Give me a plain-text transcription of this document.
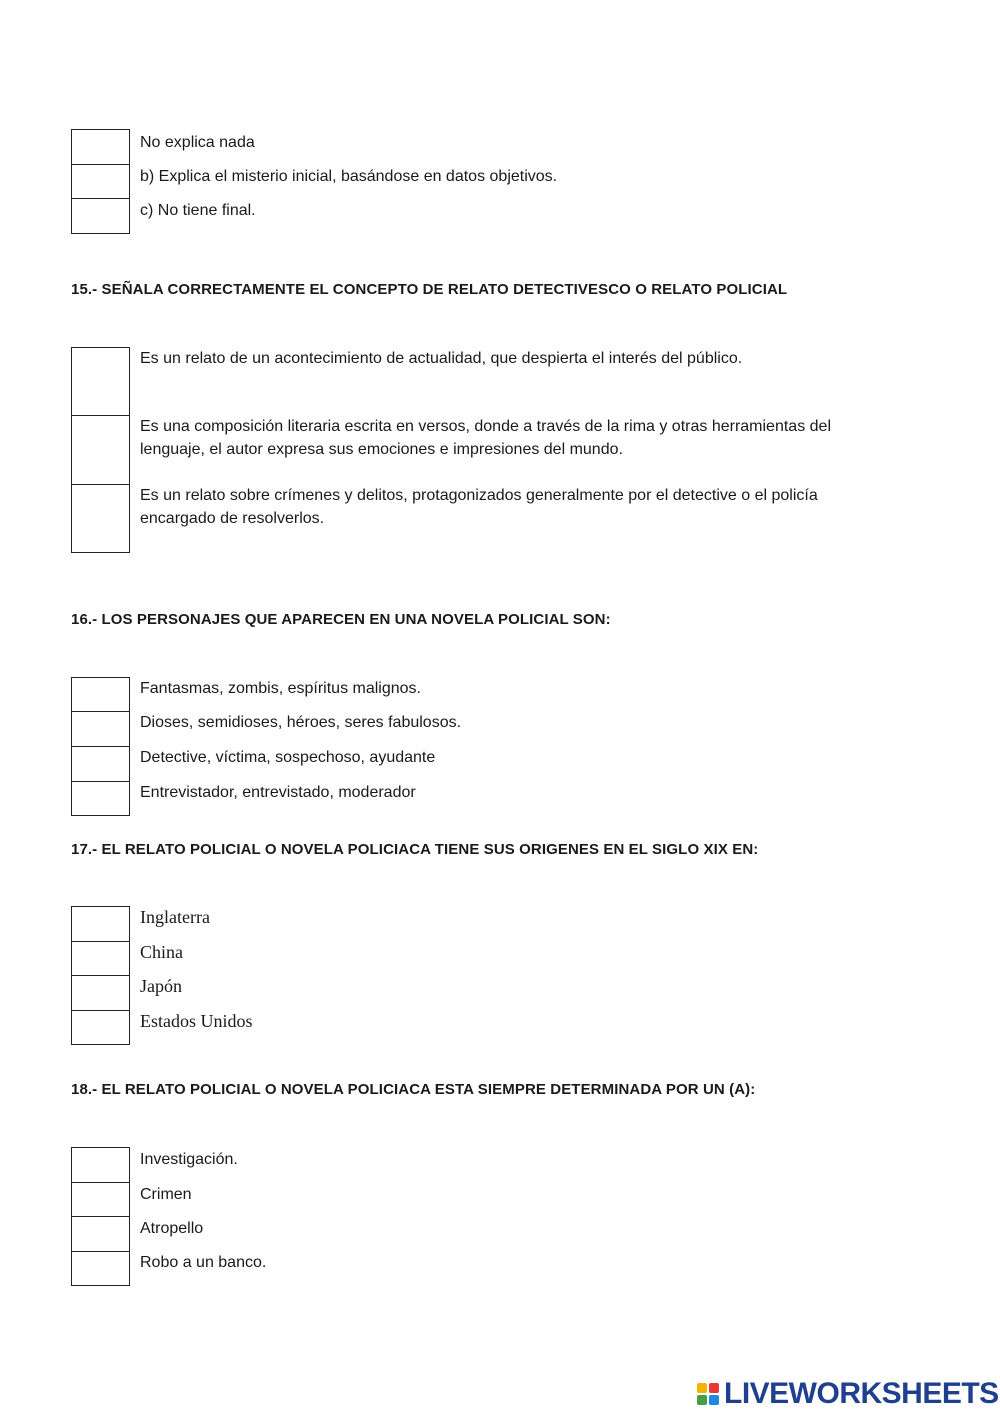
No explica nada
b) Explica el misterio inicial, basándose en datos objetivos.
c) No tiene final.
15.- SEÑALA CORRECTAMENTE EL CONCEPTO DE RELATO DETECTIVESCO O RELATO POLICIAL
Es un relato de un acontecimiento de actualidad, que despierta el interés del público.
Es una composición literaria escrita en versos, donde a través de la rima y otras herramientas del lenguaje, el autor expresa sus emociones e impresiones del mundo.
Es un relato sobre crímenes y delitos, protagonizados generalmente por el detective o el policía encargado de resolverlos.
16.- LOS PERSONAJES QUE APARECEN EN UNA NOVELA POLICIAL SON:
Fantasmas, zombis, espíritus malignos.
Dioses, semidioses, héroes, seres fabulosos.
Detective, víctima, sospechoso, ayudante
Entrevistador, entrevistado, moderador
17.- EL RELATO POLICIAL O NOVELA POLICIACA TIENE SUS ORIGENES EN EL SIGLO XIX EN:
Inglaterra
China
Japón
Estados Unidos
18.- EL RELATO POLICIAL O NOVELA POLICIACA ESTA SIEMPRE DETERMINADA POR UN (A):
Investigación.
Crimen
Atropello
Robo a un banco.
LIVEWORKSHEETS
